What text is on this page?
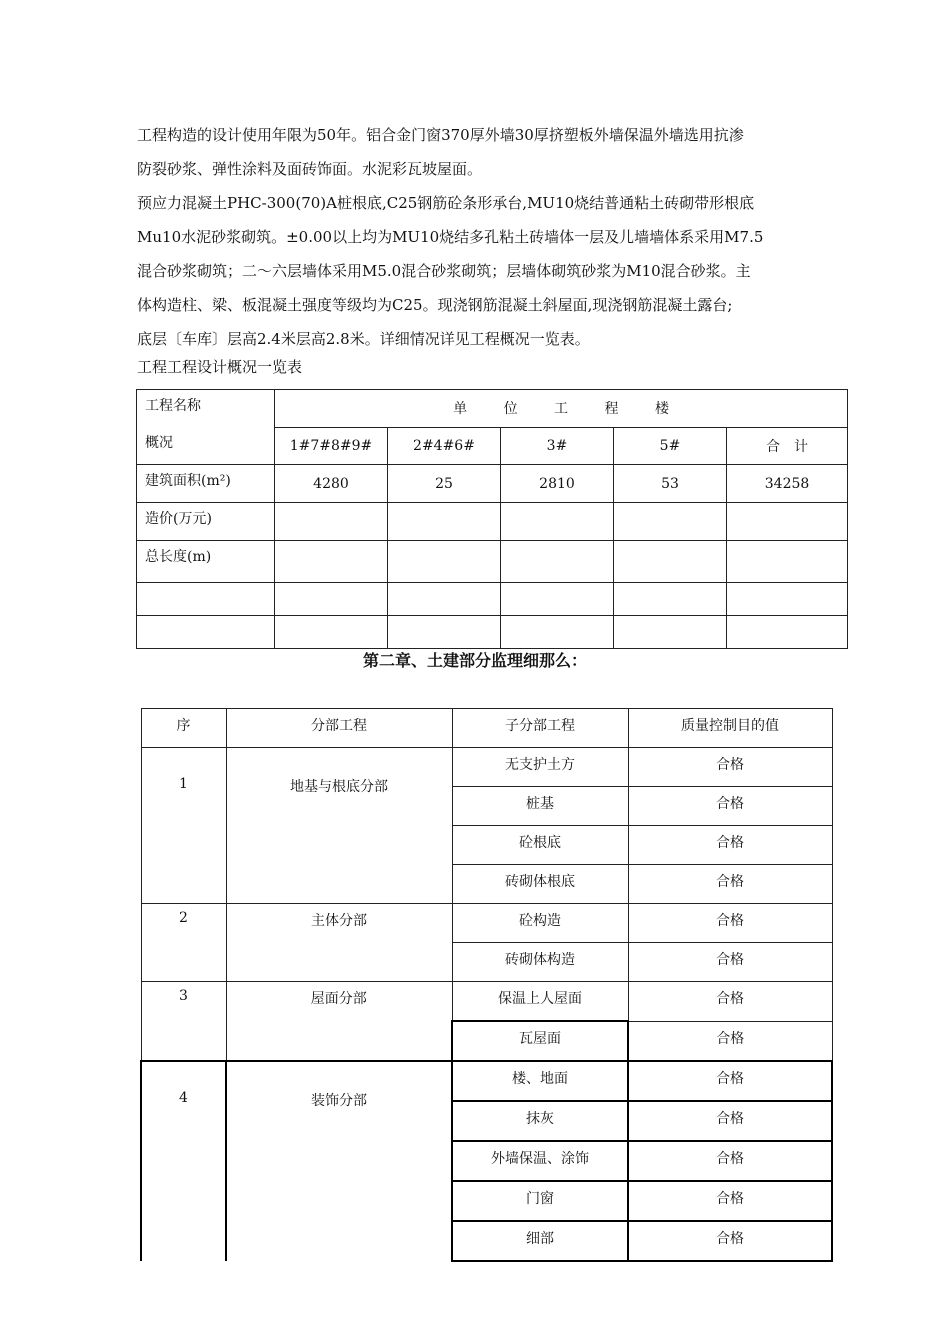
工程构造的设计使用年限为50年。铝合金门窗370厚外墙30厚挤塑板外墙保温外墙选用抗渗
防裂砂浆、弹性涂料及面砖饰面。水泥彩瓦坡屋面。
预应力混凝土PHC-300(70)A桩根底,C25钢筋砼条形承台,MU10烧结普通粘土砖砌带形根底
Mu10水泥砂浆砌筑。±0.00以上均为MU10烧结多孔粘土砖墙体一层及儿墙墙体系采用M7.5
混合砂浆砌筑；二～六层墙体采用M5.0混合砂浆砌筑；层墙体砌筑砂浆为M10混合砂浆。主
体构造柱、梁、板混凝土强度等级均为C25。现浇钢筋混凝土斜屋面,现浇钢筋混凝土露台;
底层〔车库〕层高2.4米层高2.8米。详细情况详见工程概况一览表。
工程工程设计概况一览表
工程名称	单 位 工 程 楼				
概况	1#7#8#9#	2#4#6#	3#	5#	合　计
建筑面积(m²)	4280	25	2810	53	34258
造价(万元)					
总长度(m)					

第二章、土建部分监理细那么：
序	分部工程	子分部工程	质量控制目的值
1	地基与根底分部	无支护土方	合格
		桩基	合格
		砼根底	合格
		砖砌体根底	合格
2	主体分部	砼构造	合格
		砖砌体构造	合格
3	屋面分部	保温上人屋面	合格
		瓦屋面	合格
4	装饰分部	楼、地面	合格
		抹灰	合格
		外墙保温、涂饰	合格
		门窗	合格
		细部	合格
